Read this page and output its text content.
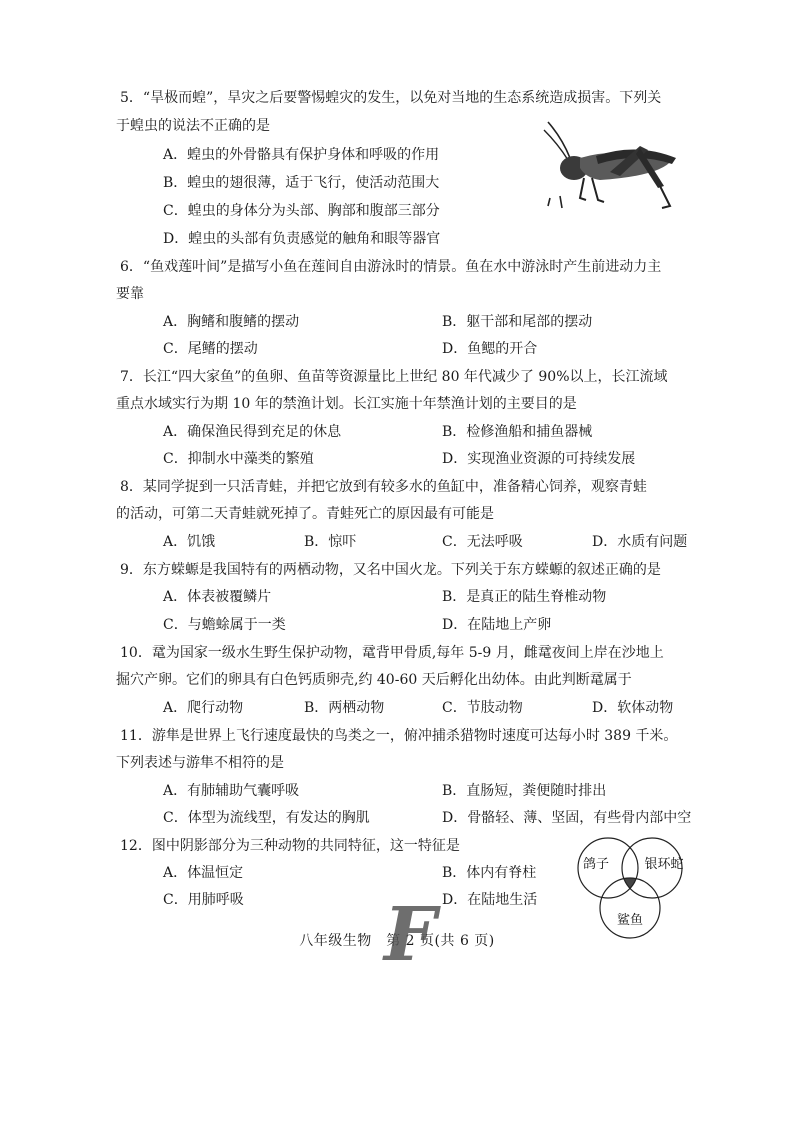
5．“旱极而蝗”，旱灾之后要警惕蝗灾的发生，以免对当地的生态系统造成损害。下列关
于蝗虫的说法不正确的是
A．蝗虫的外骨骼具有保护身体和呼吸的作用
B．蝗虫的翅很薄，适于飞行，使活动范围大
C．蝗虫的身体分为头部、胸部和腹部三部分
D．蝗虫的头部有负责感觉的触角和眼等器官
6．“鱼戏莲叶间”是描写小鱼在莲间自由游泳时的情景。鱼在水中游泳时产生前进动力主
要靠
A．胸鳍和腹鳍的摆动	B．躯干部和尾部的摆动
C．尾鳍的摆动	D．鱼鳃的开合
7．长江“四大家鱼”的鱼卵、鱼苗等资源量比上世纪 80 年代减少了 90%以上，长江流域
重点水域实行为期 10 年的禁渔计划。长江实施十年禁渔计划的主要目的是
A．确保渔民得到充足的休息	B．检修渔船和捕鱼器械
C．抑制水中藻类的繁殖	D．实现渔业资源的可持续发展
8．某同学捉到一只活青蛙，并把它放到有较多水的鱼缸中，准备精心饲养，观察青蛙
的活动，可第二天青蛙就死掉了。青蛙死亡的原因最有可能是
A．饥饿	B．惊吓	C．无法呼吸	D．水质有问题
9．东方蝾螈是我国特有的两栖动物，又名中国火龙。下列关于东方蝾螈的叙述正确的是
A．体表被覆鳞片	B．是真正的陆生脊椎动物
C．与蟾蜍属于一类	D．在陆地上产卵
10．鼋为国家一级水生野生保护动物，鼋背甲骨质,每年 5-9 月，雌鼋夜间上岸在沙地上
掘穴产卵。它们的卵具有白色钙质卵壳,约 40-60 天后孵化出幼体。由此判断鼋属于
A．爬行动物	B．两栖动物	C．节肢动物	D．软体动物
11．游隼是世界上飞行速度最快的鸟类之一，俯冲捕杀猎物时速度可达每小时 389 千米。
下列表述与游隼不相符的是
A．有肺辅助气囊呼吸	B．直肠短，粪便随时排出
C．体型为流线型，有发达的胸肌	D．骨骼轻、薄、坚固，有些骨内部中空
12．图中阴影部分为三种动物的共同特征，这一特征是
A．体温恒定	B．体内有脊柱
C．用肺呼吸	D．在陆地生活
鸽子	银环蛇
鲨鱼
八年级生物　第 2 页(共 6 页)
F
